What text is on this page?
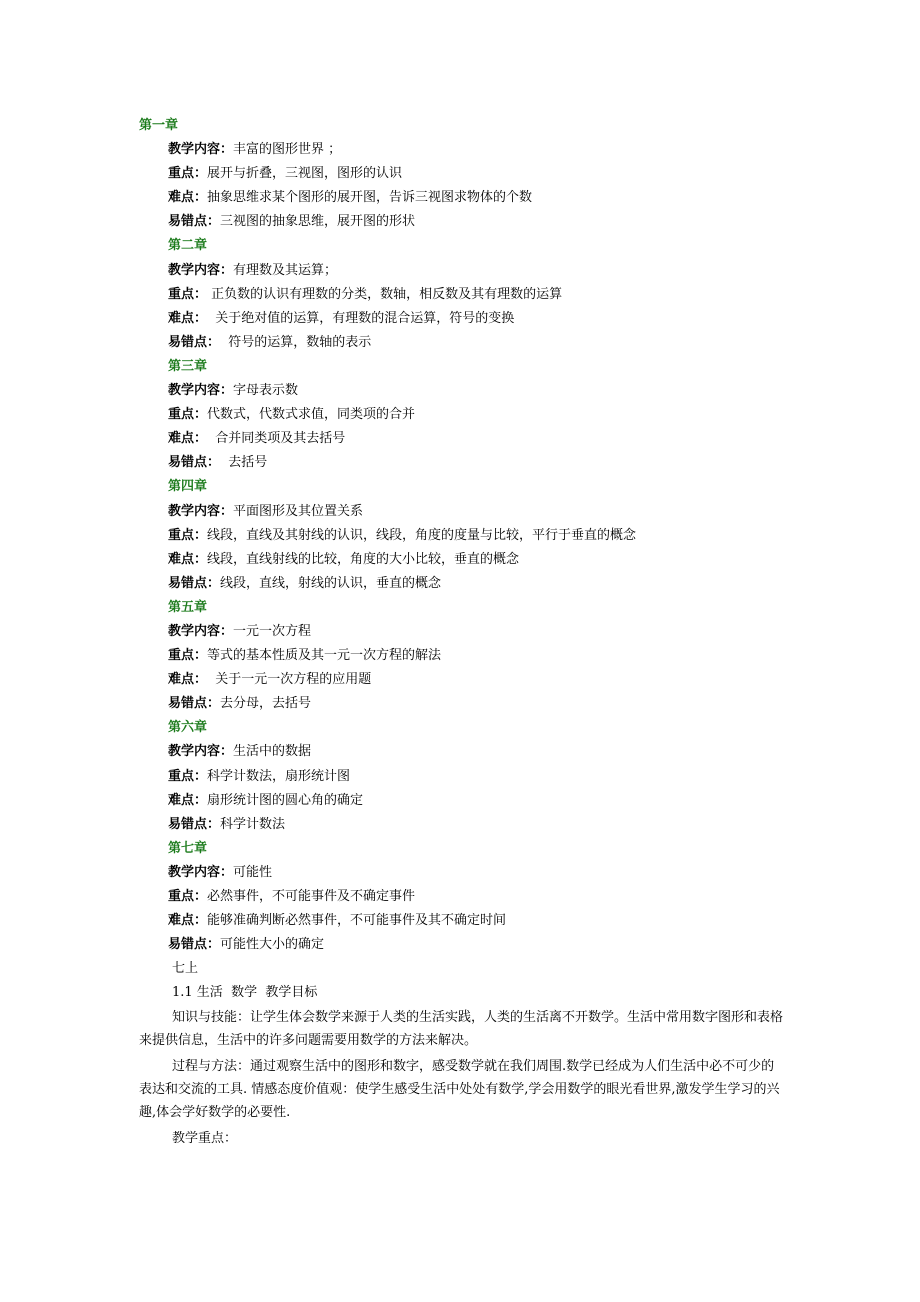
第一章
教学内容：丰富的图形世界 ；
重点：展开与折叠，三视图，图形的认识
难点：抽象思维求某个图形的展开图，告诉三视图求物体的个数
易错点：三视图的抽象思维，展开图的形状
第二章
教学内容：有理数及其运算；
重点： 正负数的认识有理数的分类，数轴，相反数及其有理数的运算
难点：  关于绝对值的运算，有理数的混合运算，符号的变换
易错点：  符号的运算，数轴的表示
第三章
教学内容：字母表示数
重点：代数式，代数式求值，同类项的合并
难点：  合并同类项及其去括号
易错点：  去括号
第四章
教学内容：平面图形及其位置关系
重点：线段，直线及其射线的认识，线段，角度的度量与比较，平行于垂直的概念
难点：线段，直线射线的比较，角度的大小比较，垂直的概念
易错点：线段，直线，射线的认识，垂直的概念
第五章
教学内容：一元一次方程
重点：等式的基本性质及其一元一次方程的解法
难点：  关于一元一次方程的应用题
易错点：去分母，去括号
第六章
教学内容：生活中的数据
重点：科学计数法，扇形统计图
难点：扇形统计图的圆心角的确定
易错点：科学计数法
第七章
教学内容：可能性
重点：必然事件，不可能事件及不确定事件
难点：能够准确判断必然事件，不可能事件及其不确定时间
易错点：可能性大小的确定
七上
1.1 生活  数学  教学目标
知识与技能：让学生体会数学来源于人类的生活实践，人类的生活离不开数学。生活中常用数字图形和表格来提供信息，生活中的许多问题需要用数学的方法来解决。
过程与方法：通过观察生活中的图形和数字，感受数学就在我们周围.数学已经成为人们生活中必不可少的表达和交流的工具. 情感态度价值观：使学生感受生活中处处有数学,学会用数学的眼光看世界,激发学生学习的兴趣,体会学好数学的必要性.
教学重点：
